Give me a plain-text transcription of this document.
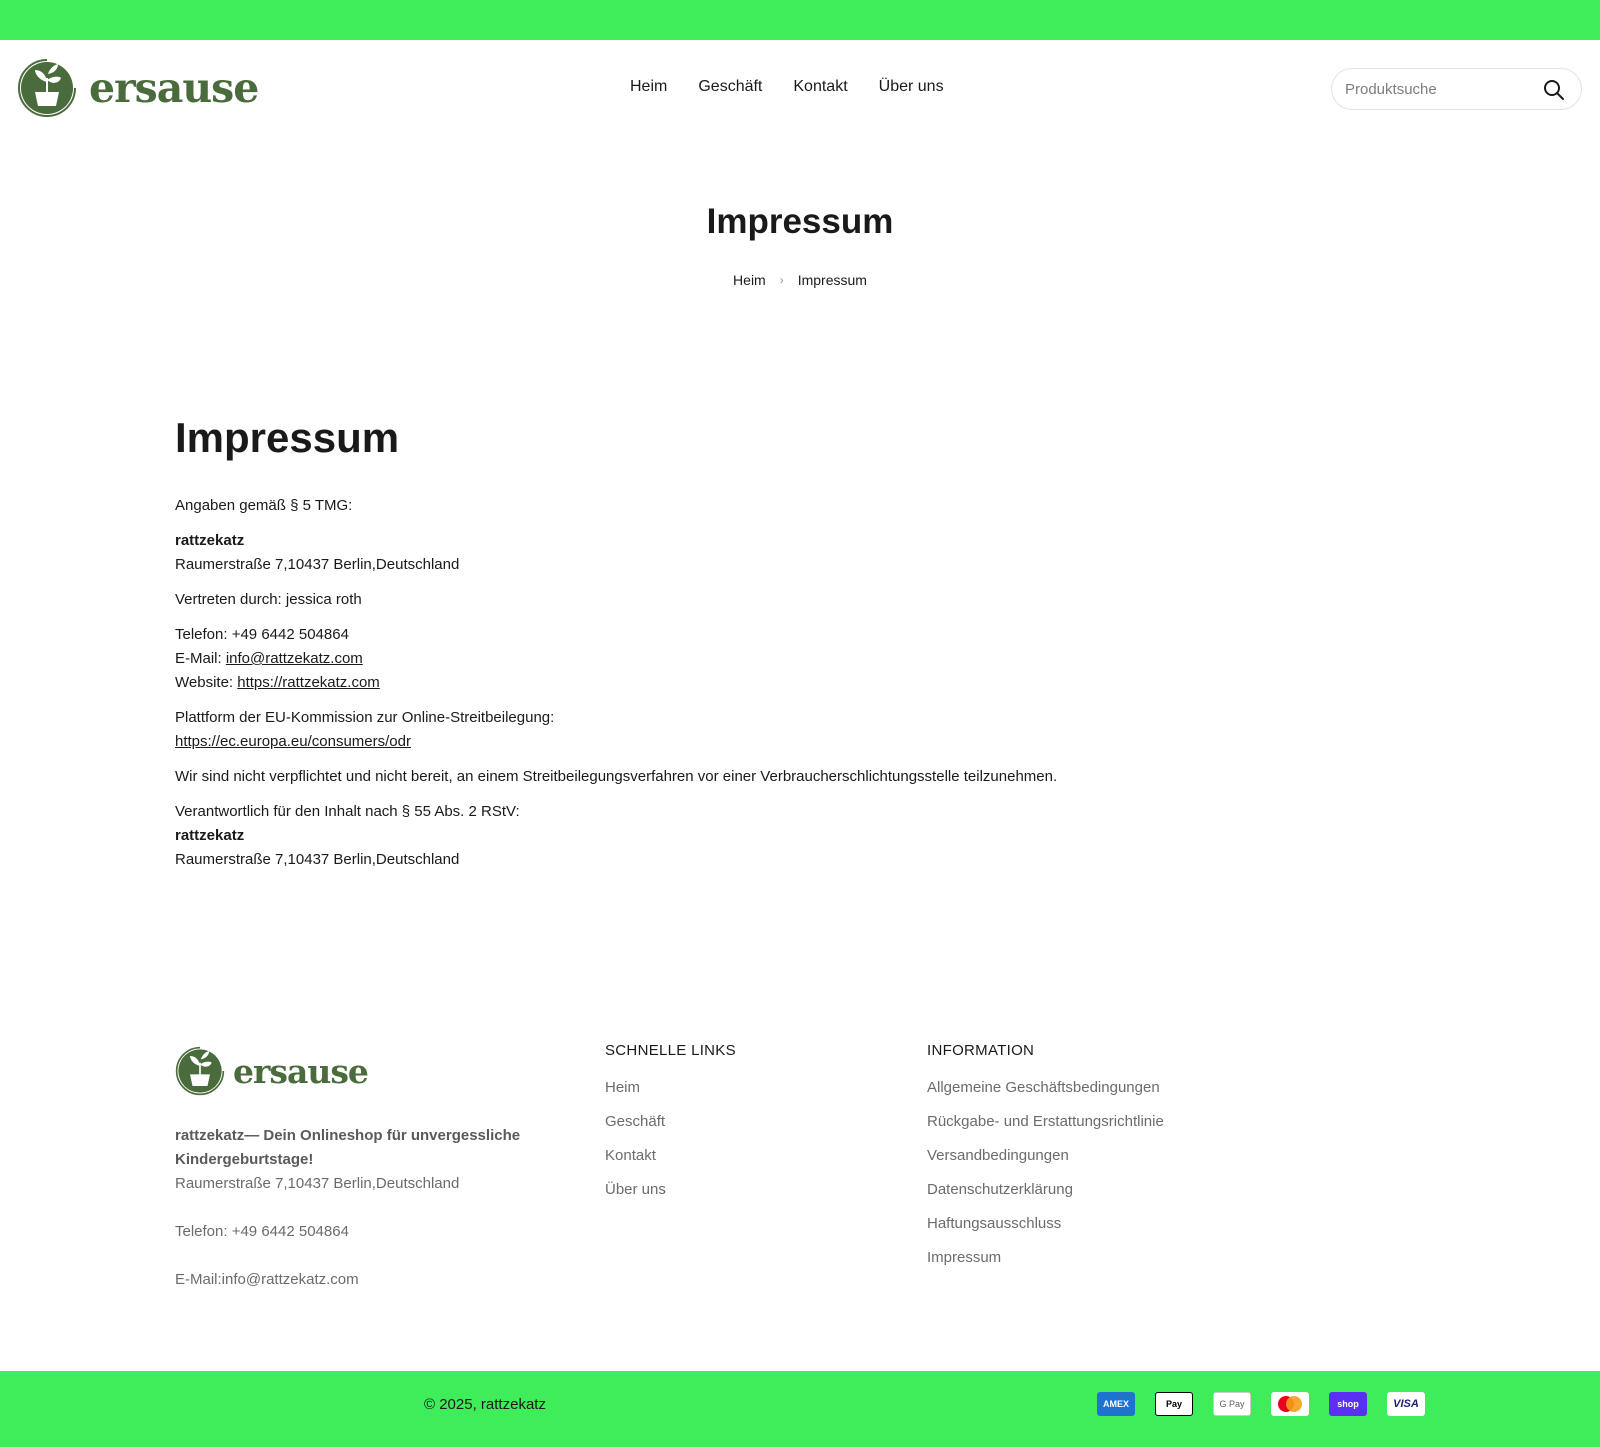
ersause	Heim Geschäft Kontakt Über uns
Produktsuche
Impressum
Heim › Impressum
Impressum

Angaben gemäß § 5 TMG:

rattzekatz
Raumerstraße 7,10437 Berlin,Deutschland

Vertreten durch: jessica roth

Telefon: +49 6442 504864
E-Mail: info@rattzekatz.com
Website: https://rattzekatz.com

Plattform der EU-Kommission zur Online-Streitbeilegung:
https://ec.europa.eu/consumers/odr

Wir sind nicht verpflichtet und nicht bereit, an einem Streitbeilegungsverfahren vor einer Verbraucherschlichtungsstelle teilzunehmen.

Verantwortlich für den Inhalt nach § 55 Abs. 2 RStV:
rattzekatz
Raumerstraße 7,10437 Berlin,Deutschland

ersause

rattzekatz— Dein Onlineshop für unvergessliche Kindergeburtstage!
Raumerstraße 7,10437 Berlin,Deutschland

Telefon: +49 6442 504864

E-Mail:info@rattzekatz.com

SCHNELLE LINKS
Heim
Geschäft
Kontakt
Über uns
INFORMATION
Allgemeine Geschäftsbedingungen
Rückgabe- und Erstattungsrichtlinie
Versandbedingungen
Datenschutzerklärung
Haftungsausschluss
Impressum
© 2025, rattzekatz	AMEX	Pay	G Pay	shop	VISA
